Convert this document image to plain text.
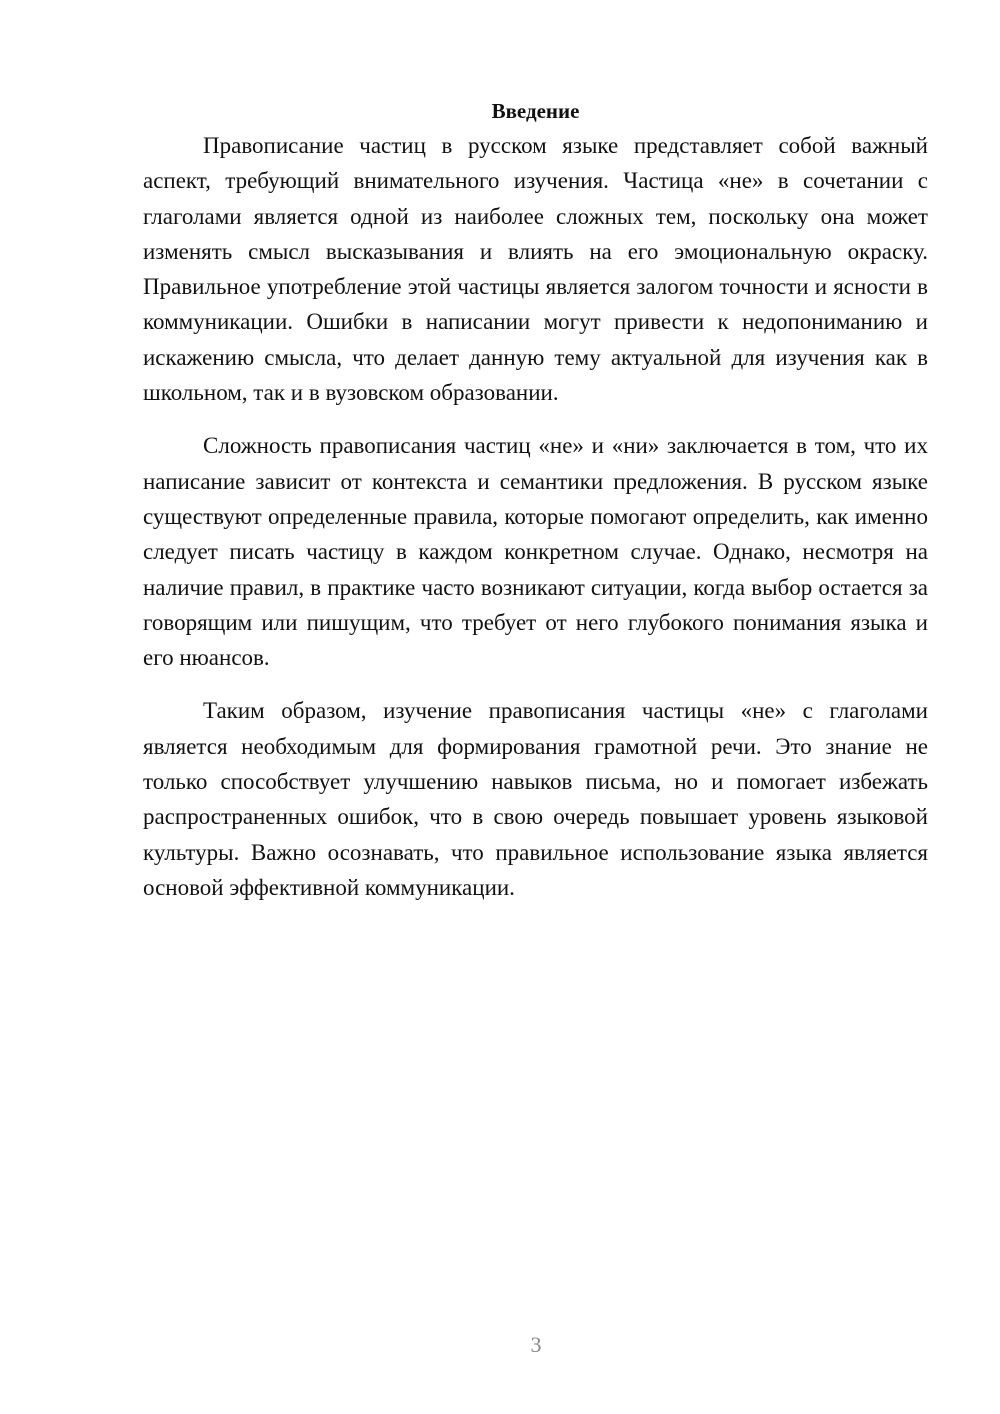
Введение

Правописание частиц в русском языке представляет собой важный аспект, требующий внимательного изучения. Частица «не» в сочетании с глаголами является одной из наиболее сложных тем, поскольку она может изменять смысл высказывания и влиять на его эмоциональную окраску. Правильное употребление этой частицы является залогом точности и ясности в коммуникации. Ошибки в написании могут привести к недопониманию и искажению смысла, что делает данную тему актуальной для изучения как в школьном, так и в вузовском образовании.

Сложность правописания частиц «не» и «ни» заключается в том, что их написание зависит от контекста и семантики предложения. В русском языке существуют определенные правила, которые помогают определить, как именно следует писать частицу в каждом конкретном случае. Однако, несмотря на наличие правил, в практике часто возникают ситуации, когда выбор остается за говорящим или пишущим, что требует от него глубокого понимания языка и его нюансов.

Таким образом, изучение правописания частицы «не» с глаголами является необходимым для формирования грамотной речи. Это знание не только способствует улучшению навыков письма, но и помогает избежать распространенных ошибок, что в свою очередь повышает уровень языковой культуры. Важно осознавать, что правильное использование языка является основой эффективной коммуникации.

3
